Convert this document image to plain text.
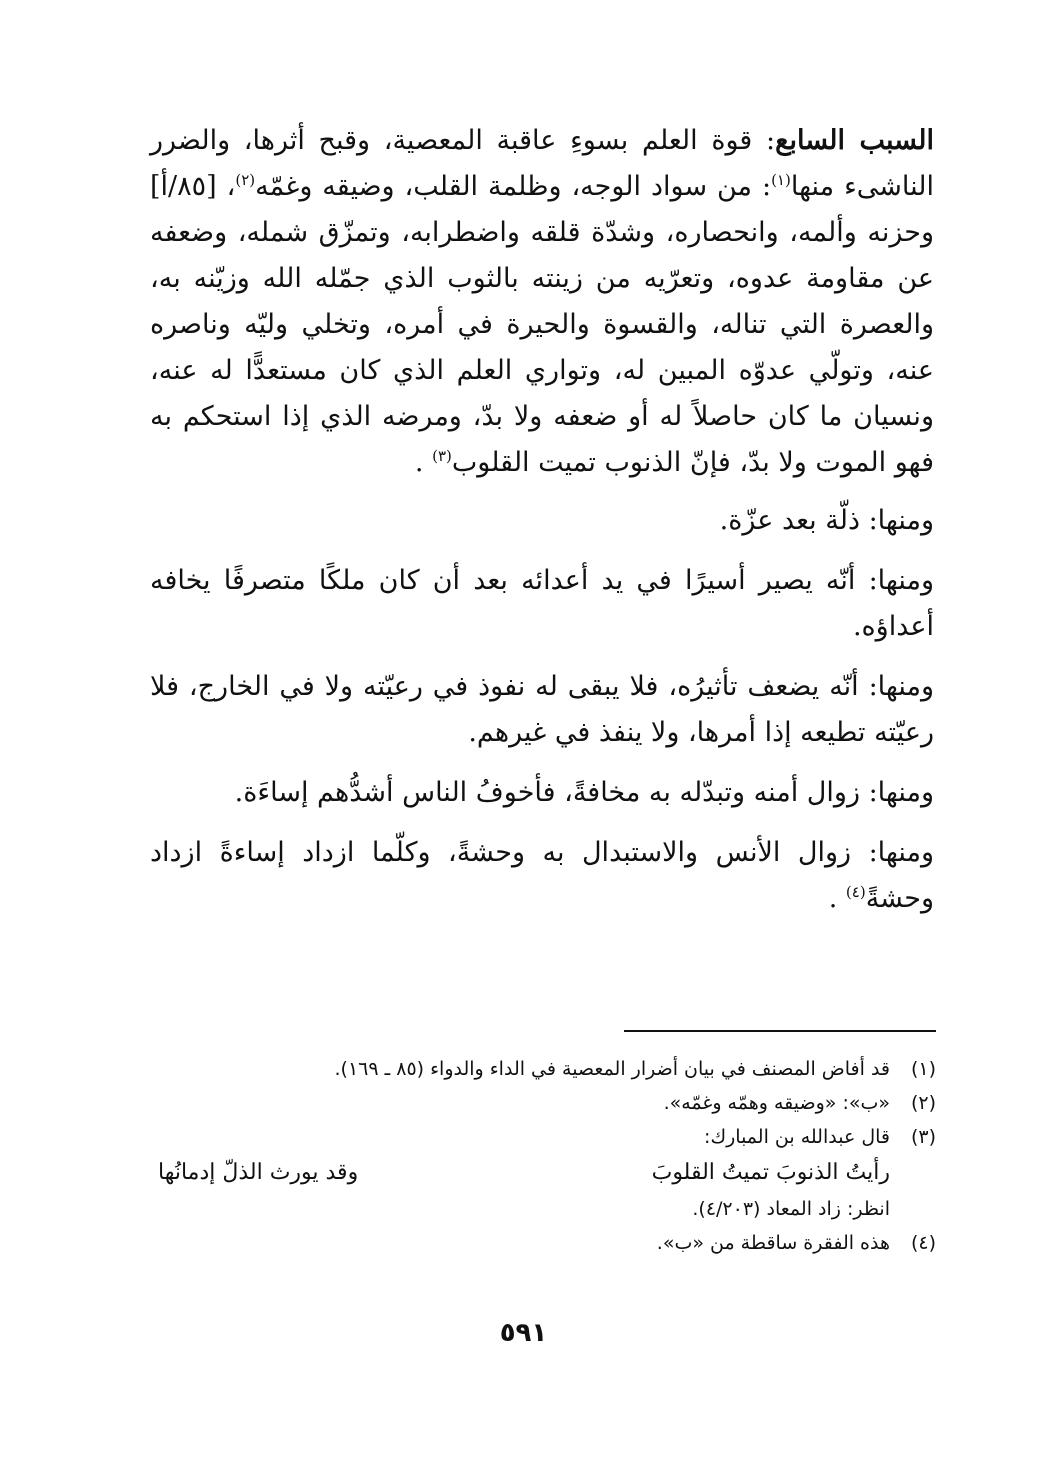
السبب السابع: قوة العلم بسوءِ عاقبة المعصية، وقبح أثرها، والضرر الناشىء منها$^{(١)}$: من سواد الوجه، وظلمة القلب، وضيقه وغمّه$^{(٢)}$، [٨٥/أ] وحزنه وألمه، وانحصاره، وشدّة قلقه واضطرابه، وتمزّق شمله، وضعفه عن مقاومة عدوه، وتعرّيه من زينته بالثوب الذي جمّله الله وزيّنه به، والعصرة التي تناله، والقسوة والحيرة في أمره، وتخلي وليّه وناصره عنه، وتولّي عدوّه المبين له، وتواري العلم الذي كان مستعدًّا له عنه، ونسيان ما كان حاصلاً له أو ضعفه ولا بدّ، ومرضه الذي إذا استحكم به فهو الموت ولا بدّ، فإنّ الذنوب تميت القلوب$^{(٣)}$ .

ومنها: ذلّة بعد عزّة.

ومنها: أنّه يصير أسيرًا في يد أعدائه بعد أن كان ملكًا متصرفًا يخافه أعداؤه.

ومنها: أنّه يضعف تأثيرُه، فلا يبقى له نفوذ في رعيّته ولا في الخارج، فلا رعيّته تطيعه إذا أمرها، ولا ينفذ في غيرهم.

ومنها: زوال أمنه وتبدّله به مخافةً، فأخوفُ الناس أشدُّهم إساءَة.

ومنها: زوال الأنس والاستبدال به وحشةً، وكلّما ازداد إساءةً ازداد وحشةً$^{(٤)}$ .

(١)
قد أفاض المصنف في بيان أضرار المعصية في الداء والدواء (٨٥ ـ ١٦٩).
(٢)
«ب»: «وضيقه وهمّه وغمّه».
(٣)
قال عبدالله بن المبارك:
رأيتُ الذنوبَ تميتُ القلوبَ
وقد يورث الذلّ إدمانُها
انظر: زاد المعاد (٤/٢٠٣).
(٤)
هذه الفقرة ساقطة من «ب».
٥٩١
